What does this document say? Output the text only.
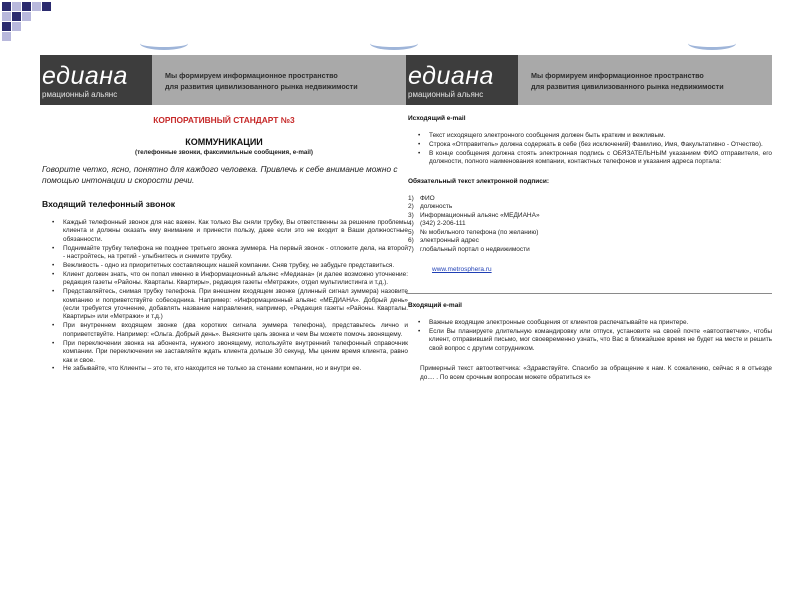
едиана
рмационный альянс
Мы формируем информационное пространство
для развития цивилизованного рынка недвижимости
КОРПОРАТИВНЫЙ СТАНДАРТ №3
КОММУНИКАЦИИ
(телефонные звонки, факсимильные сообщения, e-mail)
Говорите четко, ясно, понятно для каждого человека. Привлечь к себе внимание можно с помощью интонации и скорости речи.
Входящий телефонный звонок
• Каждый телефонный звонок для нас важен. Как только Вы сняли трубку, Вы ответственны за решение проблемы клиента и должны оказать ему внимание и принести пользу, даже если это не входит в Ваши должностные обязанности.
• Поднимайте трубку телефона не позднее третьего звонка зуммера. На первый звонок - отложите дела, на второй - настройтесь, на третий - улыбнитесь и снимите трубку.
• Вежливость - одно из приоритетных составляющих нашей компании. Сняв трубку, не забудьте представиться.
• Клиент должен знать, что он попал именно в Информационный альянс «Медиана» (и далее возможно уточнение: редакция газеты «Районы. Кварталы. Квартиры», редакция газеты «Метражи», отдел мультилистинга и т.д.).
• Представляйтесь, снимая трубку телефона. При внешнем входящем звонке (длинный сигнал зуммера) назовите компанию и поприветствуйте собеседника. Например: «Информационный альянс «МЕДИАНА». Добрый день» (если требуется уточнение, добавлять название направления, например, «Редакция газеты «Районы. Кварталы. Квартиры» или «Метражи» и т.д.)
• При внутреннем входящем звонке (два коротких сигнала зуммера телефона), представьтесь лично и поприветствуйте. Например: «Ольга. Добрый день». Выясните цель звонка и чем Вы можете помочь звонящему.
• При переключении звонка на абонента, нужного звонящему, используйте внутренний телефонный справочник компании. При переключении не заставляйте ждать клиента дольше 30 секунд. Мы ценим время клиента, равно как и свое.
• Не забывайте, что Клиенты – это те, кто находится не только за стенами компании, но и внутри ее.
едиана
рмационный альянс
Мы формируем информационное пространство
для развития цивилизованного рынка недвижимости
Исходящий e-mail
• Текст исходящего электронного сообщения должен быть кратким и вежливым.
• Строка «Отправитель» должна содержать в себе (без исключений) Фамилию, Имя, Факультативно - Отчество).
• В конце сообщения должна стоять электронная подпись с ОБЯЗАТЕЛЬНЫМ указанием ФИО отправителя, его должности, полного наименования компании, контактных телефонов и указания адреса портала:
Обязательный текст электронной подписи:
1) ФИО
2) должность
3) Информационный альянс «МЕДИАНА»
4) (342) 2-206-111
5) № мобильного телефона (по желанию)
6) электронный адрес
7) глобальный портал о недвижимости
www.metrosphera.ru
Входящий e-mail
• Важные входящие электронные сообщения от клиентов распечатывайте на принтере.
• Если Вы планируете длительную командировку или отпуск, установите на своей почте «автоответчик», чтобы клиент, отправивший письмо, мог своевременно узнать, что Вас в ближайшее время не будет на месте и решить свой вопрос с другим сотрудником.
Примерный текст автоответчика: «Здравствуйте. Спасибо за обращение к нам. К сожалению, сейчас я в отъезде до.... . По всем срочным вопросам можете обратиться к»
